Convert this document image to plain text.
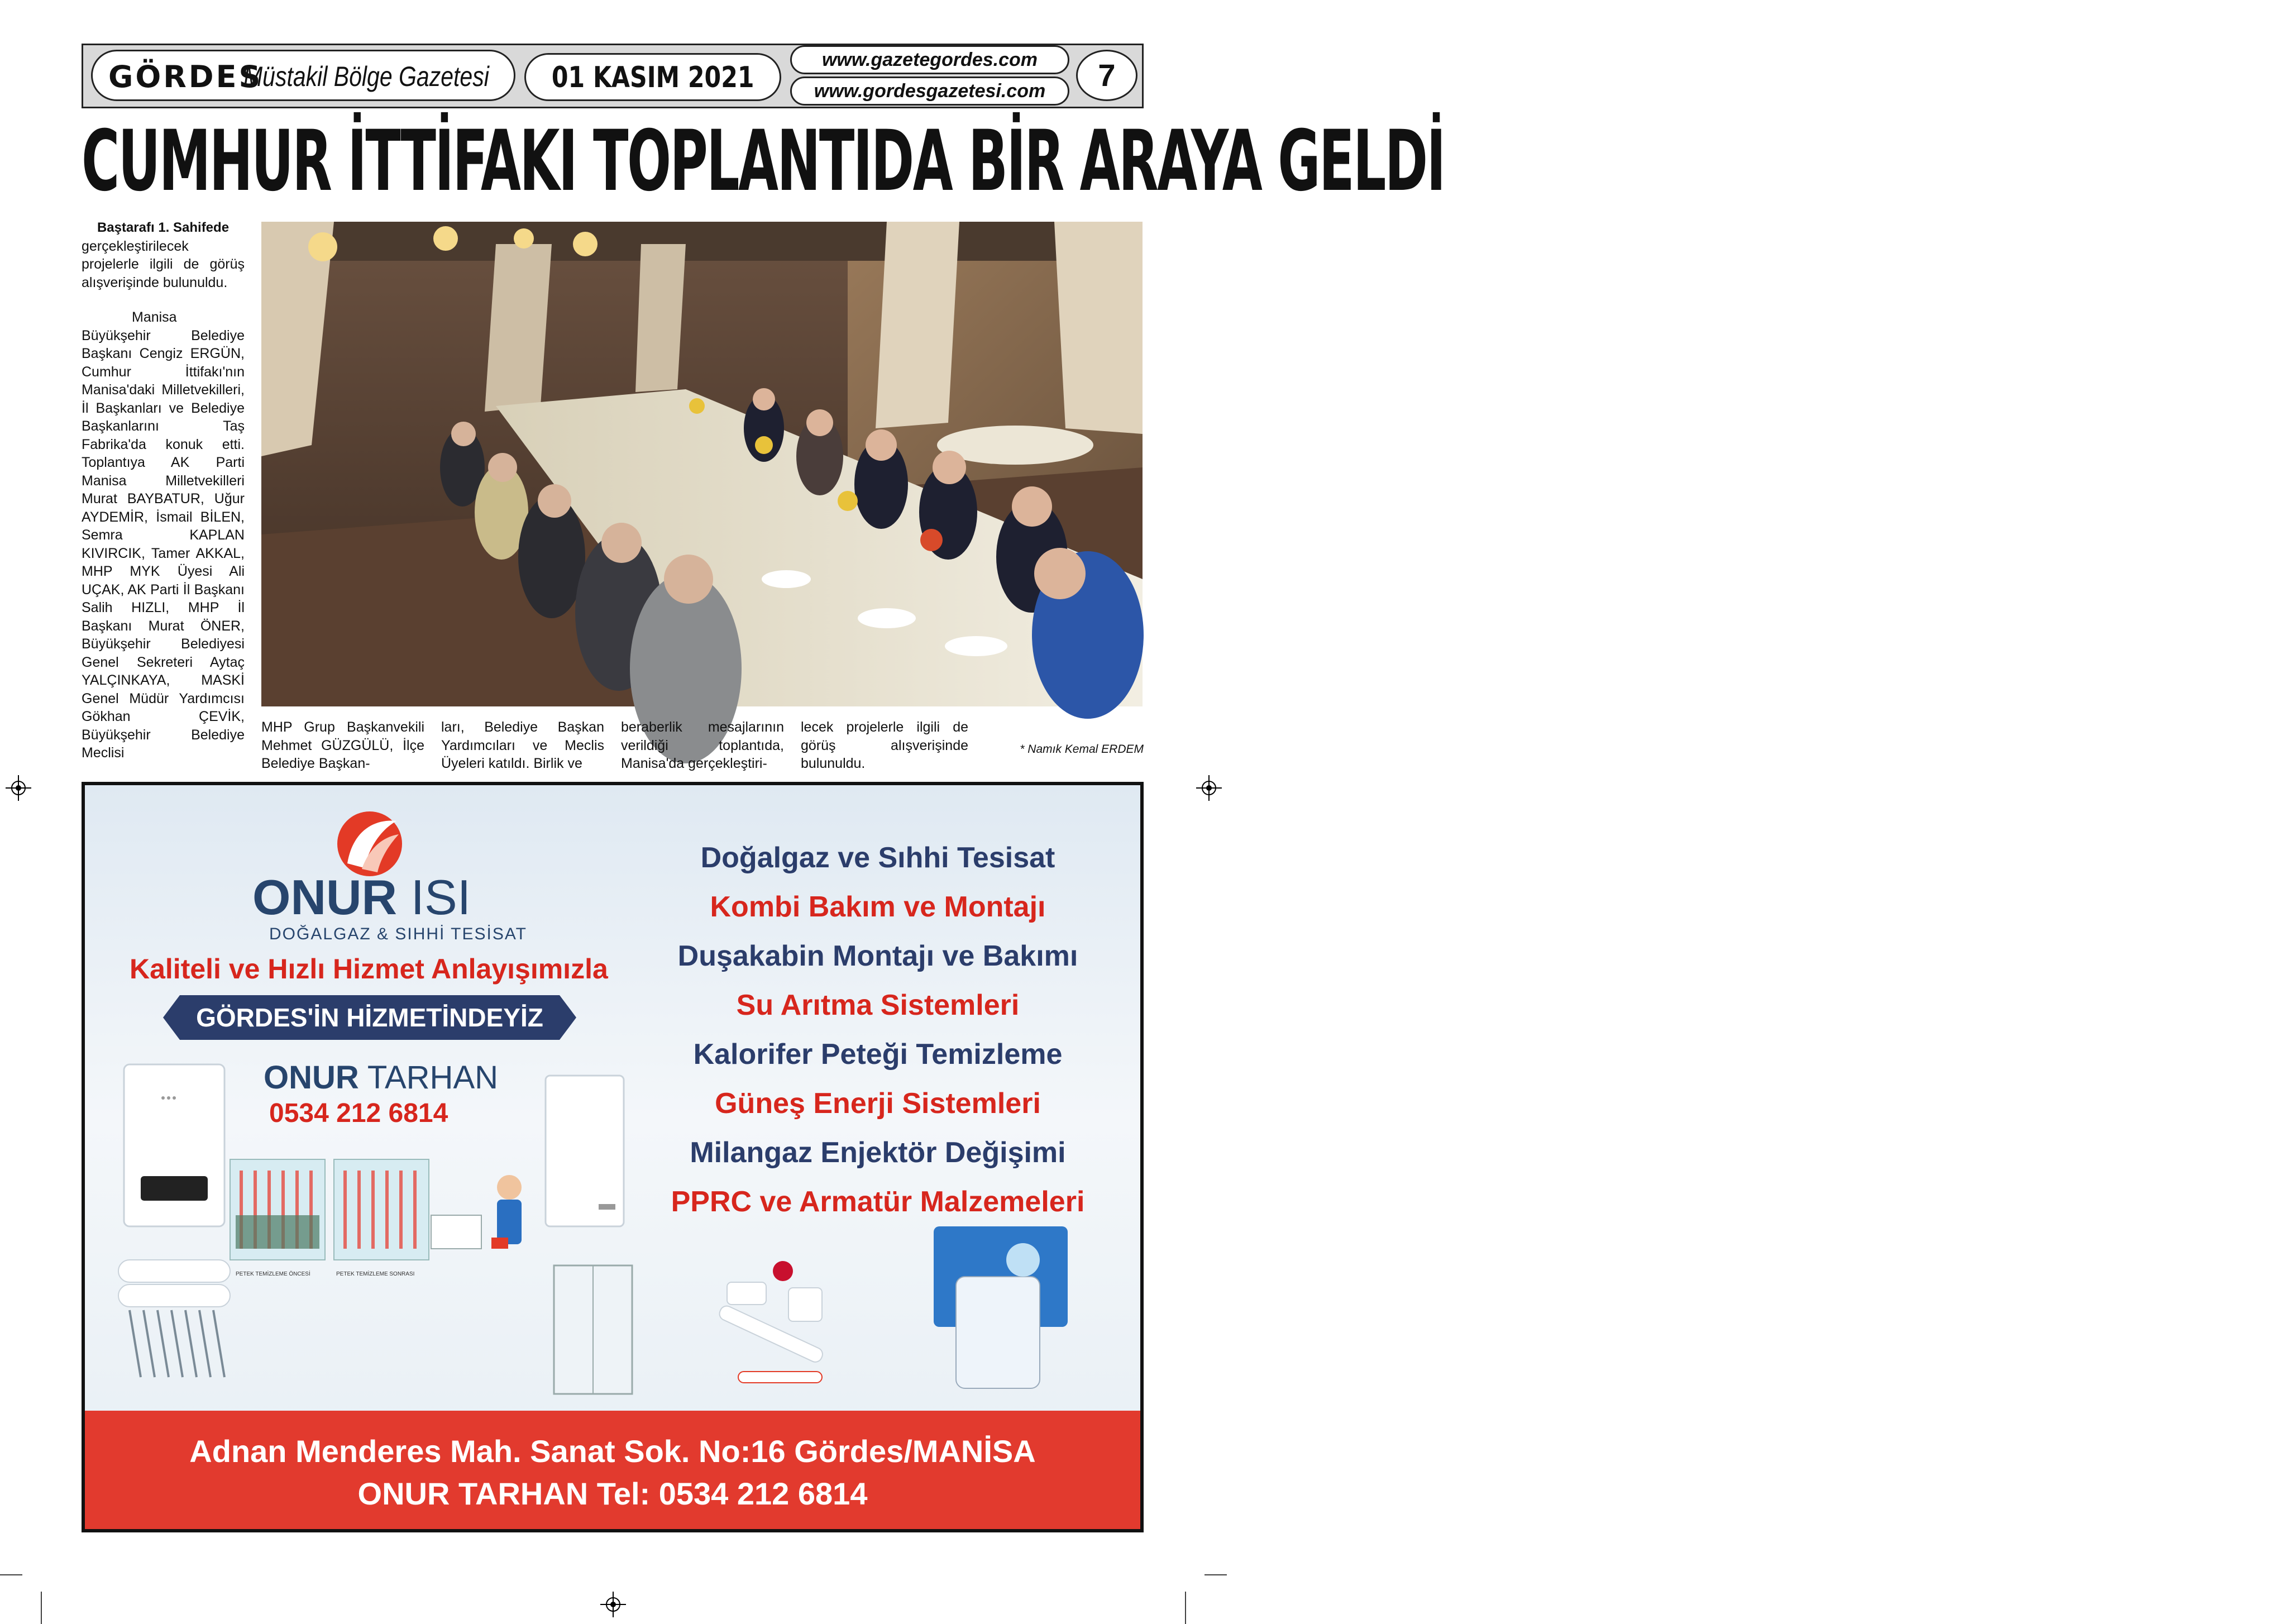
GÖRDES
Müstakil Bölge Gazetesi	01 KASIM 2021
www.gazetegordes.com
www.gordesgazetesi.com	7
CUMHUR İTTİFAKI TOPLANTIDA BİR ARAYA GELDİ

Baştarafı 1. Sahifede

gerçekleştirilecek projelerle ilgili de görüş alışverişinde bulunuldu.

Manisa Büyükşehir Belediye Başkanı Cengiz ERGÜN, Cumhur İttifakı'nın Manisa'daki Milletvekilleri, İl Başkanları ve Belediye Başkanlarını Taş Fabrika'da konuk etti. Toplantıya AK Parti Manisa Milletvekilleri Murat BAYBATUR, Uğur AYDEMİR, İsmail BİLEN, Semra KAPLAN KIVIRCIK, Tamer AKKAL, MHP MYK Üyesi Ali UÇAK, AK Parti İl Başkanı Salih HIZLI, MHP İl Başkanı Murat ÖNER, Büyükşehir Belediyesi Genel Sekreteri Aytaç YALÇINKAYA, MASKİ Genel Müdür Yardımcısı Gökhan ÇEVİK, Büyükşehir Belediye Meclisi

MHP Grup Başkanvekili Mehmet GÜZGÜLÜ, İlçe Belediye Başkan-
ları, Belediye Başkan Yardımcıları ve Meclis Üyeleri katıldı. Birlik ve
beraberlik mesajlarının verildiği toplantıda, Manisa'da gerçekleştiri-
lecek projelerle ilgili de görüş alışverişinde bulunuldu.
* Namık Kemal ERDEM
ONUR ISI
DOĞALGAZ & SIHHİ TESİSAT
Kaliteli ve Hızlı Hizmet Anlayışımızla
GÖRDES'İN HİZMETİNDEYİZ
ONUR TARHAN
0534 212 6814
Doğalgaz ve Sıhhi Tesisat
Kombi Bakım ve Montajı
Duşakabin Montajı ve Bakımı
Su Arıtma Sistemleri
Kalorifer Peteği Temizleme
Güneş Enerji Sistemleri
Milangaz Enjektör Değişimi
PPRC ve Armatür Malzemeleri
PETEK TEMİZLEME ÖNCESİ	PETEK TEMİZLEME SONRASI
Adnan Menderes Mah. Sanat Sok. No:16 Gördes/MANİSA
ONUR TARHAN Tel: 0534 212 6814
